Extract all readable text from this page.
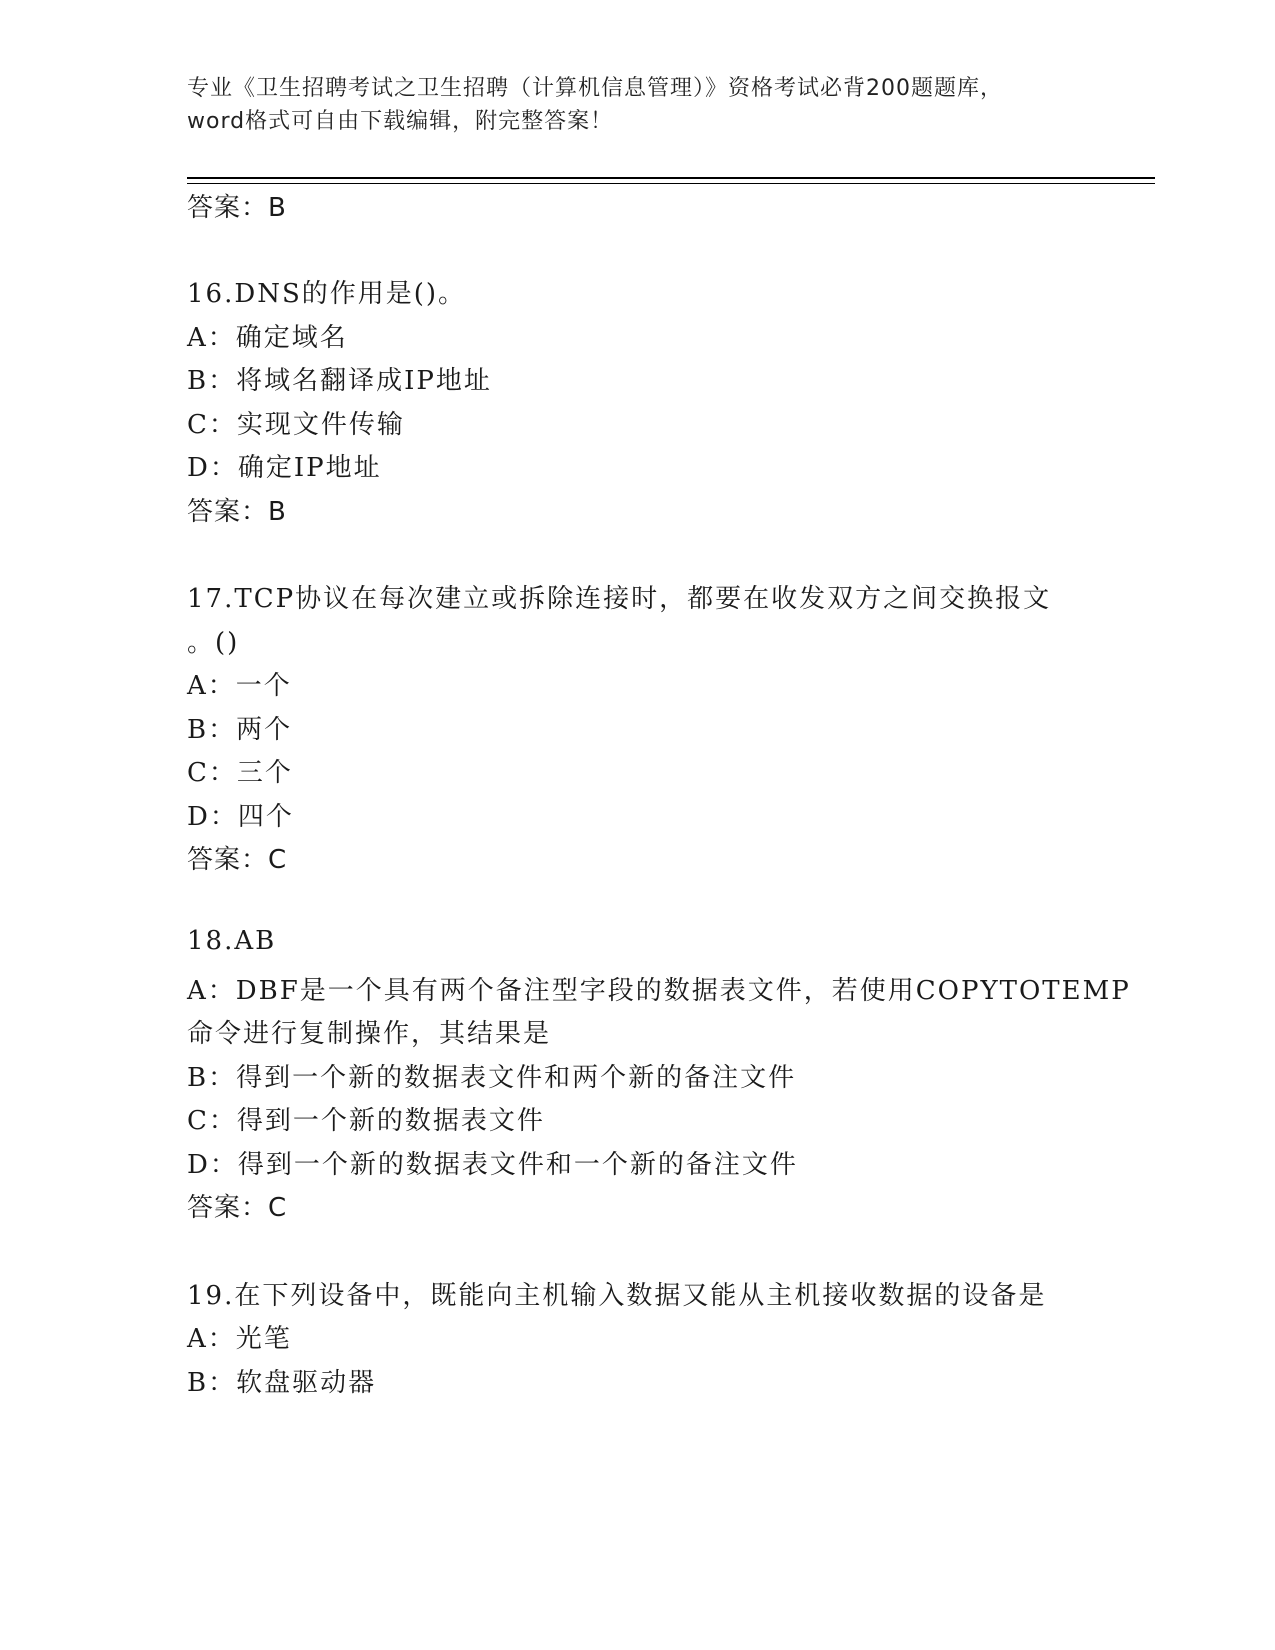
专业《卫生招聘考试之卫生招聘（计算机信息管理）》资格考试必背200题题库，
word格式可自由下载编辑，附完整答案！
答案：B
16.DNS的作用是()。
A：确定域名
B：将域名翻译成IP地址
C：实现文件传输
D：确定IP地址
答案：B
17.TCP协议在每次建立或拆除连接时，都要在收发双方之间交换报文
。()
A：一个
B：两个
C：三个
D：四个
答案：C
18.AB
A：DBF是一个具有两个备注型字段的数据表文件，若使用COPYTOTEMP
命令进行复制操作，其结果是
B：得到一个新的数据表文件和两个新的备注文件
C：得到一个新的数据表文件
D：得到一个新的数据表文件和一个新的备注文件
答案：C
19.在下列设备中，既能向主机输入数据又能从主机接收数据的设备是
A：光笔
B：软盘驱动器
